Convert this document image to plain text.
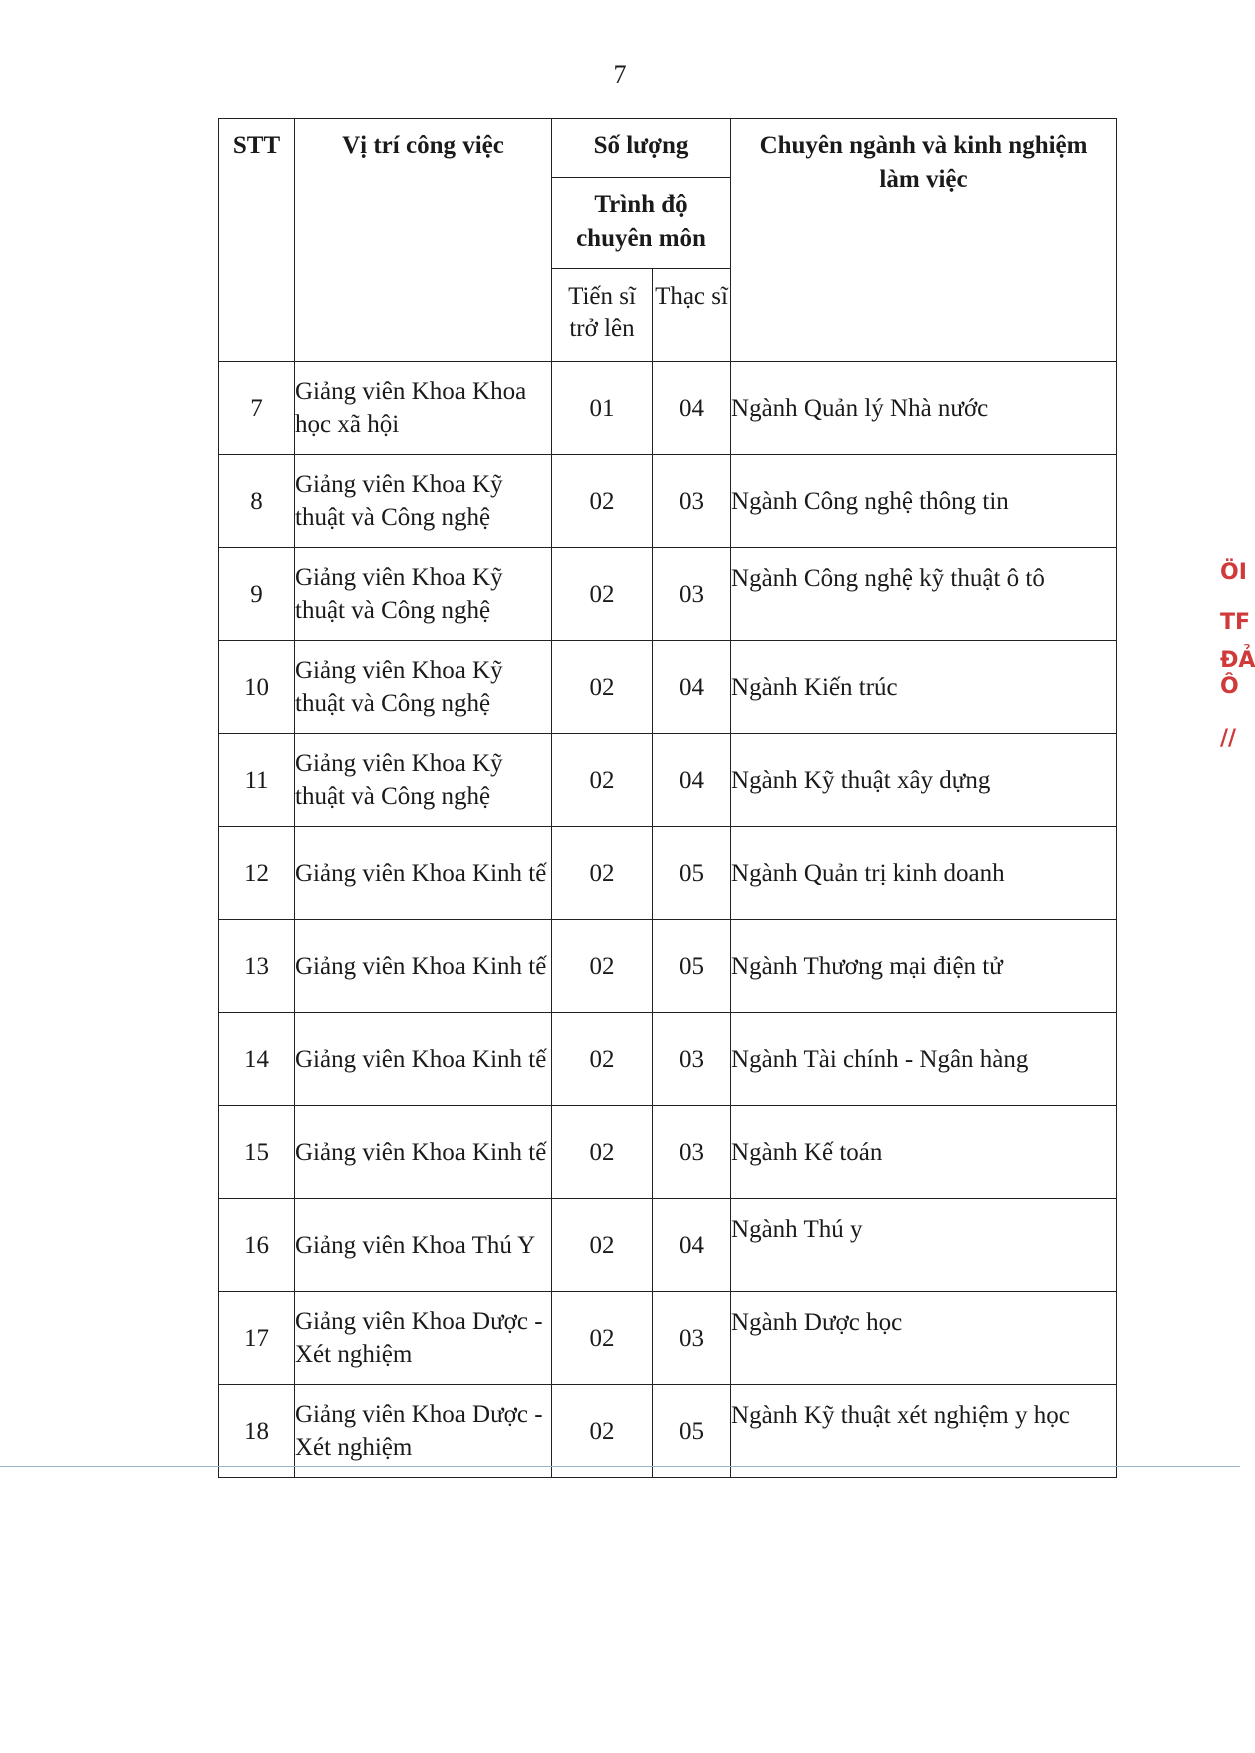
7
STT	Vị trí công việc	Số lượng		Chuyên ngành và kinh nghiệm làm việc
		Trình độ chuyên môn		
		Tiến sĩ trở lên	Thạc sĩ	
7	Giảng viên Khoa Khoa học xã hội	01	04	Ngành Quản lý Nhà nước
8	Giảng viên Khoa Kỹ thuật và Công nghệ	02	03	Ngành Công nghệ thông tin
9	Giảng viên Khoa Kỹ thuật và Công nghệ	02	03	Ngành Công nghệ kỹ thuật ô tô
10	Giảng viên Khoa Kỹ thuật và Công nghệ	02	04	Ngành Kiến trúc
11	Giảng viên Khoa Kỹ thuật và Công nghệ	02	04	Ngành Kỹ thuật xây dựng
12	Giảng viên Khoa Kinh tế	02	05	Ngành Quản trị kinh doanh
13	Giảng viên Khoa Kinh tế	02	05	Ngành Thương mại điện tử
14	Giảng viên Khoa Kinh tế	02	03	Ngành Tài chính - Ngân hàng
15	Giảng viên Khoa Kinh tế	02	03	Ngành Kế toán
16	Giảng viên Khoa Thú Y	02	04	Ngành Thú y
17	Giảng viên Khoa Dược - Xét nghiệm	02	03	Ngành Dược học
18	Giảng viên Khoa Dược - Xét nghiệm	02	05	Ngành Kỹ thuật xét nghiệm y học
ÖI
TF
ĐẢ
Ô
//
